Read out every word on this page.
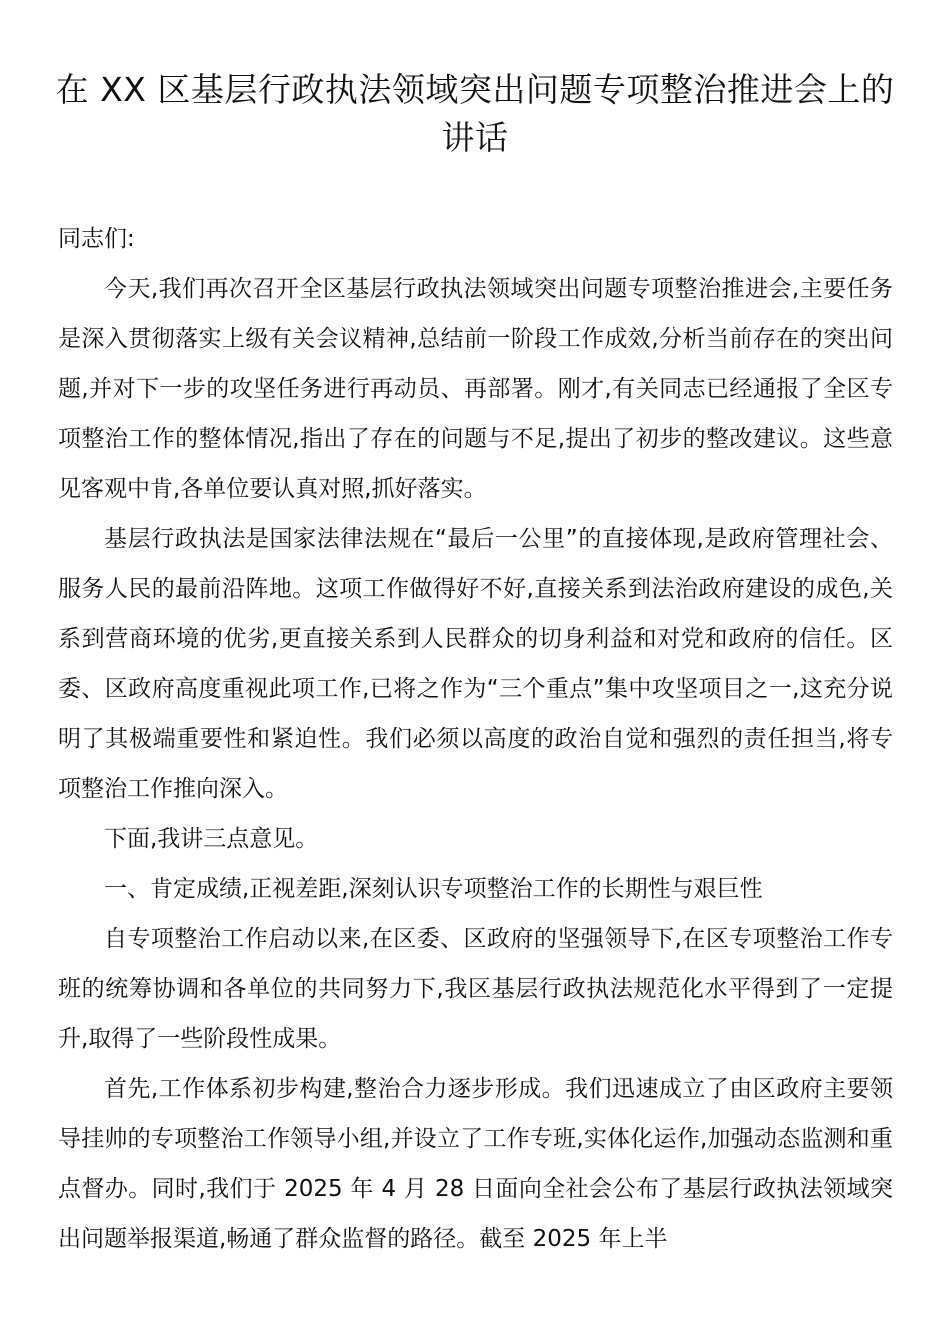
在 XX 区基层行政执法领域突出问题专项整治推进会上的讲话

同志们:

今天,我们再次召开全区基层行政执法领域突出问题专项整治推进会,主要任务是深入贯彻落实上级有关会议精神,总结前一阶段工作成效,分析当前存在的突出问题,并对下一步的攻坚任务进行再动员、再部署。刚才,有关同志已经通报了全区专项整治工作的整体情况,指出了存在的问题与不足,提出了初步的整改建议。这些意见客观中肯,各单位要认真对照,抓好落实。

基层行政执法是国家法律法规在“最后一公里”的直接体现,是政府管理社会、服务人民的最前沿阵地。这项工作做得好不好,直接关系到法治政府建设的成色,关系到营商环境的优劣,更直接关系到人民群众的切身利益和对党和政府的信任。区委、区政府高度重视此项工作,已将之作为“三个重点”集中攻坚项目之一,这充分说明了其极端重要性和紧迫性。我们必须以高度的政治自觉和强烈的责任担当,将专项整治工作推向深入。

下面,我讲三点意见。

一、肯定成绩,正视差距,深刻认识专项整治工作的长期性与艰巨性

自专项整治工作启动以来,在区委、区政府的坚强领导下,在区专项整治工作专班的统筹协调和各单位的共同努力下,我区基层行政执法规范化水平得到了一定提升,取得了一些阶段性成果。

首先,工作体系初步构建,整治合力逐步形成。我们迅速成立了由区政府主要领导挂帅的专项整治工作领导小组,并设立了工作专班,实体化运作,加强动态监测和重点督办。同时,我们于 2025 年 4 月 28 日面向全社会公布了基层行政执法领域突出问题举报渠道,畅通了群众监督的路径。截至 2025 年上半
